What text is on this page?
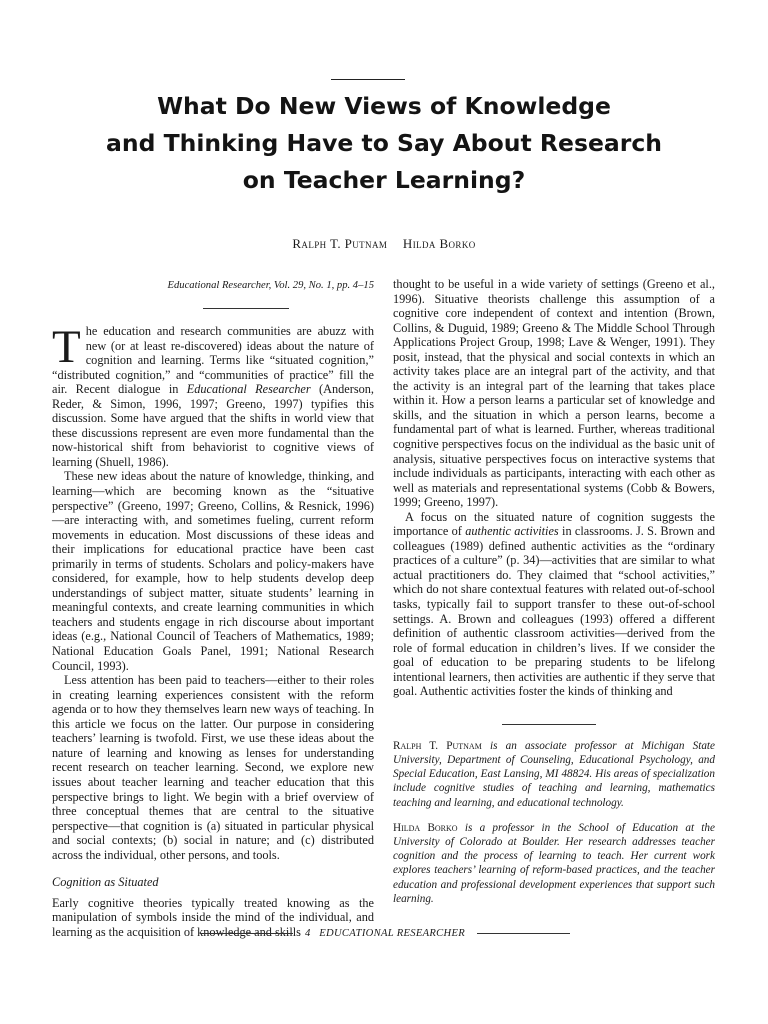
What Do New Views of Knowledge
and Thinking Have to Say About Research
on Teacher Learning?
Ralph T. Putnam Hilda Borko

Educational Researcher, Vol. 29, No. 1, pp. 4–15

The education and research communities are abuzz with new (or at least re-discovered) ideas about the nature of cognition and learning. Terms like “situated cognition,” “distributed cognition,” and “communities of practice” fill the air. Recent dialogue in Educational Researcher (Anderson, Reder, & Simon, 1996, 1997; Greeno, 1997) typifies this discussion. Some have argued that the shifts in world view that these discussions represent are even more fundamental than the now-historical shift from behaviorist to cognitive views of learning (Shuell, 1986).

These new ideas about the nature of knowledge, thinking, and learning—which are becoming known as the “situative perspective” (Greeno, 1997; Greeno, Collins, & Resnick, 1996)—are interacting with, and sometimes fueling, current reform movements in education. Most discussions of these ideas and their implications for educational practice have been cast primarily in terms of students. Scholars and policy-makers have considered, for example, how to help students develop deep understandings of subject matter, situate students’ learning in meaningful contexts, and create learning communities in which teachers and students engage in rich discourse about important ideas (e.g., National Council of Teachers of Mathematics, 1989; National Education Goals Panel, 1991; National Research Council, 1993).

Less attention has been paid to teachers—either to their roles in creating learning experiences consistent with the reform agenda or to how they themselves learn new ways of teaching. In this article we focus on the latter. Our purpose in considering teachers’ learning is twofold. First, we use these ideas about the nature of learning and knowing as lenses for understanding recent research on teacher learning. Second, we explore new issues about teacher learning and teacher education that this perspective brings to light. We begin with a brief overview of three conceptual themes that are central to the situative perspective—that cognition is (a) situated in particular physical and social contexts; (b) social in nature; and (c) distributed across the individual, other persons, and tools.

Cognition as Situated

Early cognitive theories typically treated knowing as the manipulation of symbols inside the mind of the individual, and learning as the acquisition of knowledge and skills

thought to be useful in a wide variety of settings (Greeno et al., 1996). Situative theorists challenge this assumption of a cognitive core independent of context and intention (Brown, Collins, & Duguid, 1989; Greeno & The Middle School Through Applications Project Group, 1998; Lave & Wenger, 1991). They posit, instead, that the physical and social contexts in which an activity takes place are an integral part of the activity, and that the activity is an integral part of the learning that takes place within it. How a person learns a particular set of knowledge and skills, and the situation in which a person learns, become a fundamental part of what is learned. Further, whereas traditional cognitive perspectives focus on the individual as the basic unit of analysis, situative perspectives focus on interactive systems that include individuals as participants, interacting with each other as well as materials and representational systems (Cobb & Bowers, 1999; Greeno, 1997).

A focus on the situated nature of cognition suggests the importance of authentic activities in classrooms. J. S. Brown and colleagues (1989) defined authentic activities as the “ordinary practices of a culture” (p. 34)—activities that are similar to what actual practitioners do. They claimed that “school activities,” which do not share contextual features with related out-of-school tasks, typically fail to support transfer to these out-of-school settings. A. Brown and colleagues (1993) offered a different definition of authentic classroom activities—derived from the role of formal education in children’s lives. If we consider the goal of education to be preparing students to be lifelong intentional learners, then activities are authentic if they serve that goal. Authentic activities foster the kinds of thinking and

Ralph T. Putnam is an associate professor at Michigan State University, Department of Counseling, Educational Psychology, and Special Education, East Lansing, MI 48824. His areas of specialization include cognitive studies of teaching and learning, mathematics teaching and learning, and educational technology.

Hilda Borko is a professor in the School of Education at the University of Colorado at Boulder. Her research addresses teacher cognition and the process of learning to teach. Her current work explores teachers’ learning of reform-based practices, and the teacher education and professional development experiences that support such learning.

4 EDUCATIONAL RESEARCHER
